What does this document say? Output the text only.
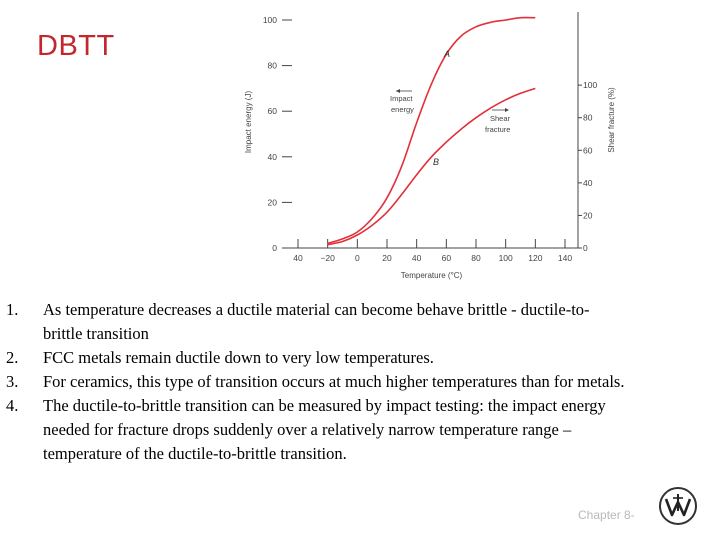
DBTT
40 −20 0	20 40 60 80 100 120 140
Temperature (°C)
0
20
40
60
80
100
Impact energy (J)
0
20
40
60
80
100
Shear fracture (%)
A
B
Impact
energy
Shear
fracture
1.	As temperature decreases a ductile material can become behave brittle - ductile-to-brittle transition
2.	FCC metals remain ductile down to very low temperatures.
3.	For ceramics, this type of transition occurs at much higher temperatures than for metals.
4.	The ductile-to-brittle transition can be measured by impact testing: the impact energy needed for fracture drops suddenly over a relatively narrow temperature range – temperature of the ductile-to-brittle transition.
Chapter 8-
